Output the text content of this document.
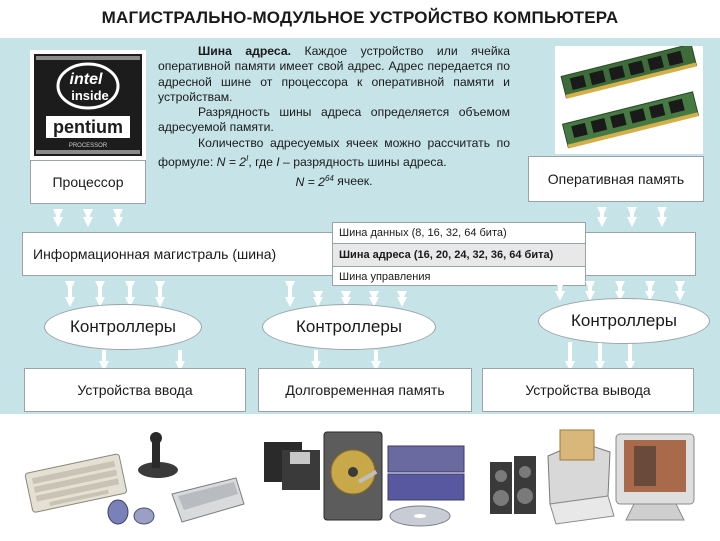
МАГИСТРАЛЬНО-МОДУЛЬНОЕ УСТРОЙСТВО КОМПЬЮТЕРА
intel
inside
pentium
PROCESSOR
Процессор

Шина адреса. Каждое устройство или ячейка оперативной памяти имеет свой адрес. Адрес передается по адресной шине от процессора к оперативной памяти и устройствам.

Разрядность шины адреса определяется объемом адресуемой памяти.

Количество адресуемых ячеек можно рассчитать по формуле: $N = 2^I$, где I – разрядность шины адреса.

$N = 2^{64}$ ячеек.	Оперативная память
Информационная магистраль (шина)
Шина данных (8, 16, 32, 64 бита)
Шина адреса (16, 20, 24, 32, 36, 64 бита)
Шина управления
Контроллеры	Контроллеры	Контроллеры
Устройства ввода	Долговременная память	Устройства вывода
